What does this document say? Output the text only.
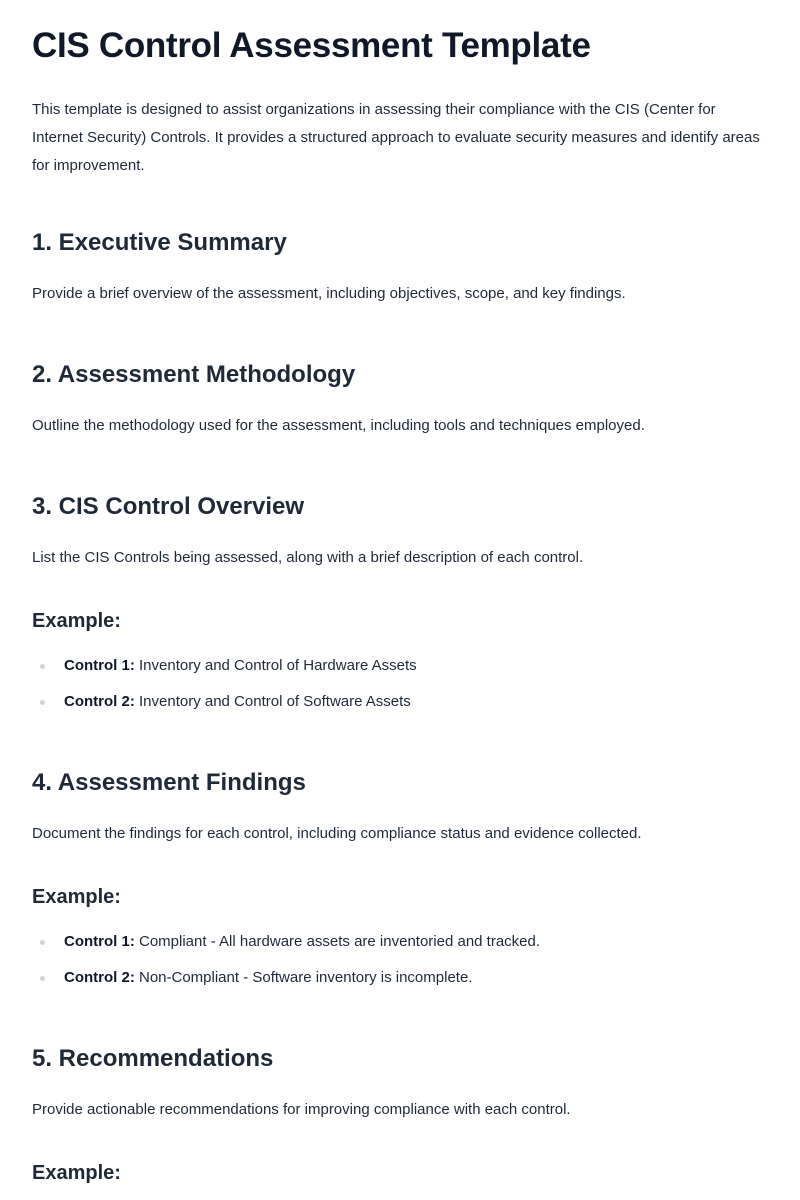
CIS Control Assessment Template

This template is designed to assist organizations in assessing their compliance with the CIS (Center for Internet Security) Controls. It provides a structured approach to evaluate security measures and identify areas for improvement.

1. Executive Summary

Provide a brief overview of the assessment, including objectives, scope, and key findings.

2. Assessment Methodology

Outline the methodology used for the assessment, including tools and techniques employed.

3. CIS Control Overview

List the CIS Controls being assessed, along with a brief description of each control.

Example:
Control 1: Inventory and Control of Hardware Assets
Control 2: Inventory and Control of Software Assets
4. Assessment Findings

Document the findings for each control, including compliance status and evidence collected.

Example:
Control 1: Compliant - All hardware assets are inventoried and tracked.
Control 2: Non-Compliant - Software inventory is incomplete.
5. Recommendations

Provide actionable recommendations for improving compliance with each control.

Example:
